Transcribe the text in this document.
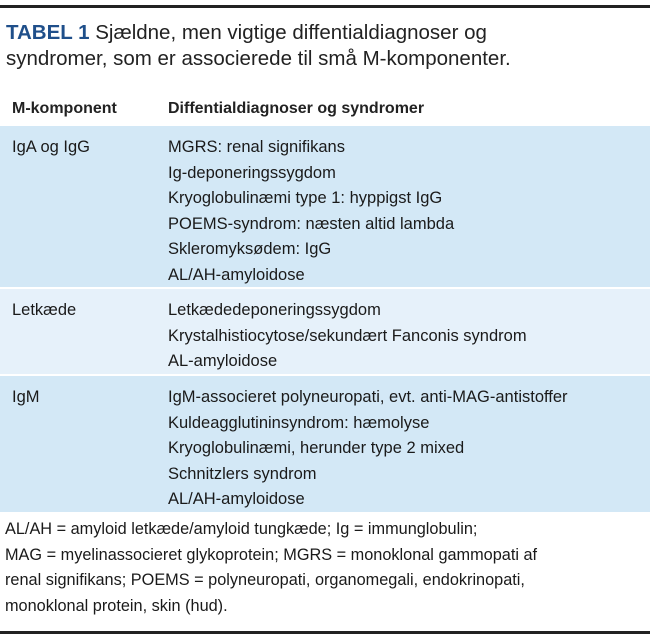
TABEL 1 Sjældne, men vigtige diffentialdiagnoser og
syndromer, som er associerede til små M-komponenter.
M-komponent	Diffentialdiagnoser og syndromer
IgA og IgG	MGRS: renal signifikans
Ig-deponeringssygdom
Kryoglobulinæmi type 1: hyppigst IgG
POEMS-syndrom: næsten altid lambda
Skleromyksødem: IgG
AL/AH-amyloidose
Letkæde	Letkædedeponeringssygdom
Krystalhistiocytose/sekundært Fanconis syndrom
AL-amyloidose
IgM	IgM-associeret polyneuropati, evt. anti-MAG-antistoffer
Kuldeagglutininsyndrom: hæmolyse
Kryoglobulinæmi, herunder type 2 mixed
Schnitzlers syndrom
AL/AH-amyloidose
AL/AH = amyloid letkæde/amyloid tungkæde; Ig = immunglobulin;
MAG = myelinassocieret glykoprotein; MGRS = monoklonal gammopati af
renal signifikans; POEMS = polyneuropati, organomegali, endokrinopati,
monoklonal protein, skin (hud).
